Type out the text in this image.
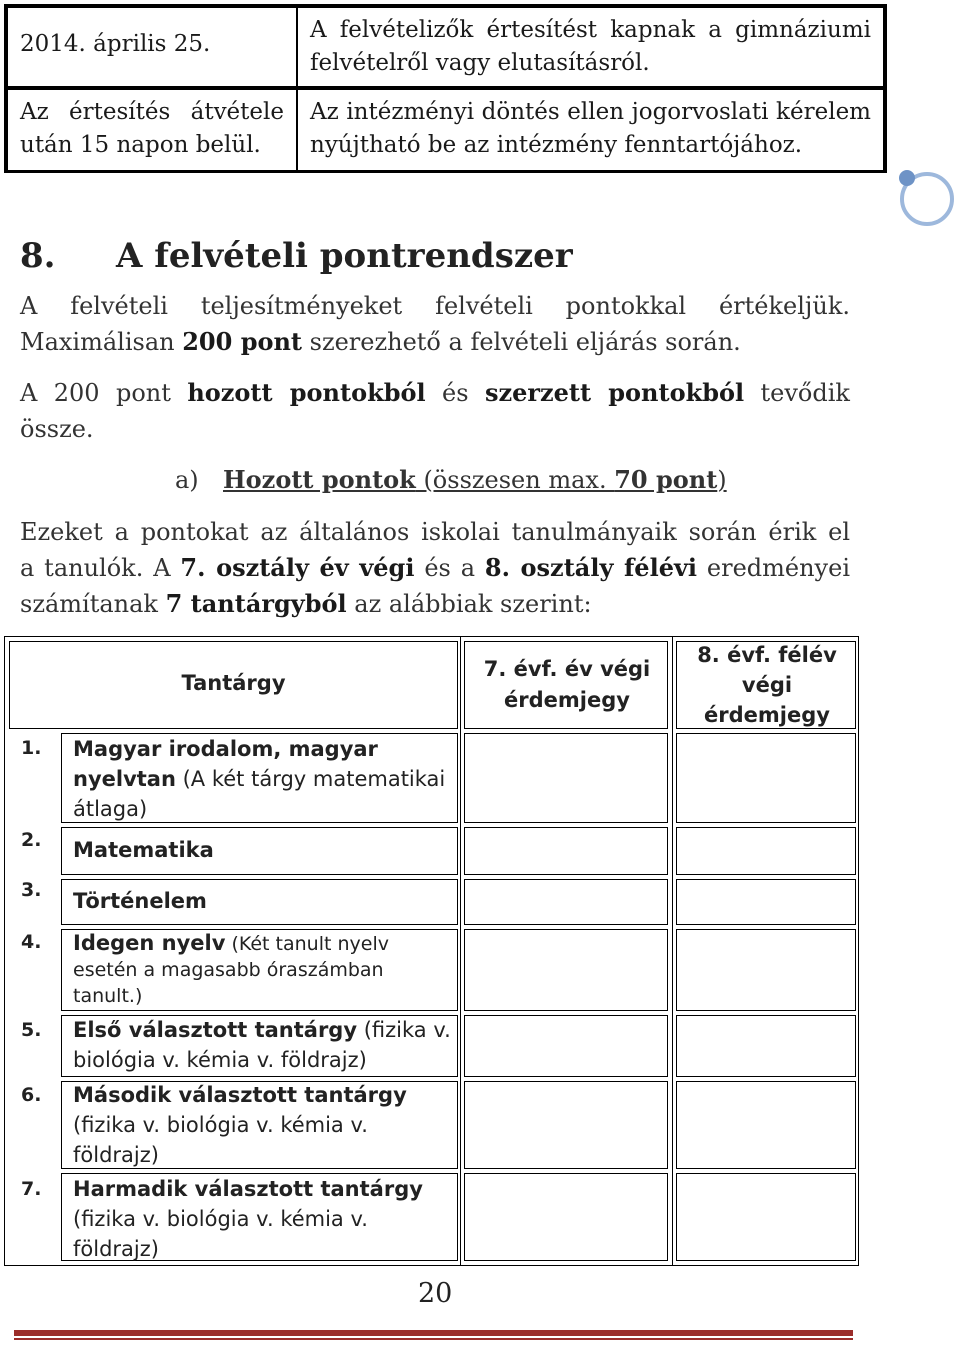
2014. április 25.
A felvételizők értesítést kapnak a gimnáziumi felvételről vagy elutasításról.
Az értesítés átvétele után 15 napon belül.
Az intézményi döntés ellen jogorvoslati kérelem nyújtható be az intézmény fenntartójához.
8. A felvételi pontrendszer
A felvételi teljesítményeket felvételi pontokkal értékeljük.
Maximálisan 200 pont szerezhető a felvételi eljárás során.
A 200 pont hozott pontokból és szerzett pontokból tevődik össze.
a) Hozott pontok (összesen max. 70 pont)
Ezeket a pontokat az általános iskolai tanulmányaik során érik el
a tanulók. A 7. osztály év végi és a 8. osztály félévi eredményei
számítanak 7 tantárgyból az alábbiak szerint:
Tantárgy
7. évf. év végi érdemjegy
8. évf. félév végi érdemjegy
1. Magyar irodalom, magyar nyelvtan (A két tárgy matematikai átlaga)
2. Matematika
3. Történelem
4. Idegen nyelv (Két tanult nyelv esetén a magasabb óraszámban tanult.)
5. Első választott tantárgy (fizika v. biológia v. kémia v. földrajz)
6. Második választott tantárgy (fizika v. biológia v. kémia v. földrajz)
7. Harmadik választott tantárgy (fizika v. biológia v. kémia v. földrajz)
20
